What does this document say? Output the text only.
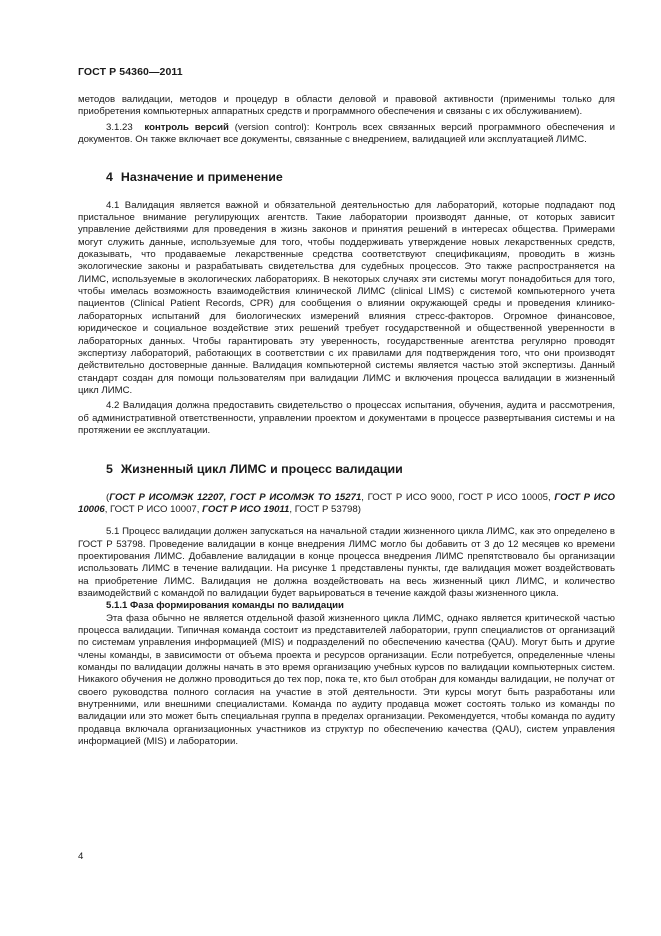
ГОСТ Р 54360—2011

методов валидации, методов и процедур в области деловой и правовой активности (применимы только для приобретения компьютерных аппаратных средств и программного обеспечения и связаны с их обслуживанием).

3.1.23 контроль версий (version control): Контроль всех связанных версий программного обеспечения и документов. Он также включает все документы, связанные с внедрением, валидацией или эксплуатацией ЛИМС.

4 Назначение и применение

4.1 Валидация является важной и обязательной деятельностью для лабораторий, которые подпадают под пристальное внимание регулирующих агентств. Такие лаборатории производят данные, от которых зависит управление действиями для проведения в жизнь законов и принятия решений в интересах общества. Примерами могут служить данные, используемые для того, чтобы поддерживать утверждение новых лекарственных средств, доказывать, что продаваемые лекарственные средства соответствуют спецификациям, проводить в жизнь экологические законы и разрабатывать свидетельства для судебных процессов. Это также распространяется на ЛИМС, используемые в экологических лабораториях. В некоторых случаях эти системы могут понадобиться для того, чтобы имелась возможность взаимодействия клинической ЛИМС (clinical LIMS) с системой компьютерного учета пациентов (Clinical Patient Records, CPR) для сообщения о влиянии окружающей среды и проведения клинико-лабораторных испытаний для биологических измерений влияния стресс-факторов. Огромное финансовое, юридическое и социальное воздействие этих решений требует государственной и общественной уверенности в лабораторных данных. Чтобы гарантировать эту уверенность, государственные агентства регулярно проводят экспертизу лабораторий, работающих в соответствии с их правилами для подтверждения того, что они производят действительно достоверные данные. Валидация компьютерной системы является частью этой экспертизы. Данный стандарт создан для помощи пользователям при валидации ЛИМС и включения процесса валидации в жизненный цикл ЛИМС.

4.2 Валидация должна предоставить свидетельство о процессах испытания, обучения, аудита и рассмотрения, об административной ответственности, управлении проектом и документами в процессе развертывания системы и на протяжении ее эксплуатации.

5 Жизненный цикл ЛИМС и процесс валидации

(ГОСТ Р ИСО/МЭК 12207, ГОСТ Р ИСО/МЭК ТО 15271, ГОСТ Р ИСО 9000, ГОСТ Р ИСО 10005, ГОСТ Р ИСО 10006, ГОСТ Р ИСО 10007, ГОСТ Р ИСО 19011, ГОСТ Р 53798)

5.1 Процесс валидации должен запускаться на начальной стадии жизненного цикла ЛИМС, как это определено в ГОСТ Р 53798. Проведение валидации в конце внедрения ЛИМС могло бы добавить от 3 до 12 месяцев ко времени проектирования ЛИМС. Добавление валидации в конце процесса внедрения ЛИМС препятствовало бы организации использовать ЛИМС в течение валидации. На рисунке 1 представлены пункты, где валидация может воздействовать на приобретение ЛИМС. Валидация не должна воздействовать на весь жизненный цикл ЛИМС, и количество взаимодействий с командой по валидации будет варьироваться в течение каждой фазы жизненного цикла.

5.1.1 Фаза формирования команды по валидации

Эта фаза обычно не является отдельной фазой жизненного цикла ЛИМС, однако является критической частью процесса валидации. Типичная команда состоит из представителей лаборатории, групп специалистов от организаций по системам управления информацией (MIS) и подразделений по обеспечению качества (QAU). Могут быть и другие члены команды, в зависимости от объема проекта и ресурсов организации. Если потребуется, определенные члены команды по валидации должны начать в это время организацию учебных курсов по валидации компьютерных систем. Никакого обучения не должно проводиться до тех пор, пока те, кто был отобран для команды валидации, не получат от своего руководства полного согласия на участие в этой деятельности. Эти курсы могут быть разработаны или внутренними, или внешними специалистами. Команда по аудиту продавца может состоять только из команды по валидации или это может быть специальная группа в пределах организации. Рекомендуется, чтобы команда по аудиту продавца включала организационных участников из структур по обеспечению качества (QAU), систем управления информацией (MIS) и лаборатории.

4
